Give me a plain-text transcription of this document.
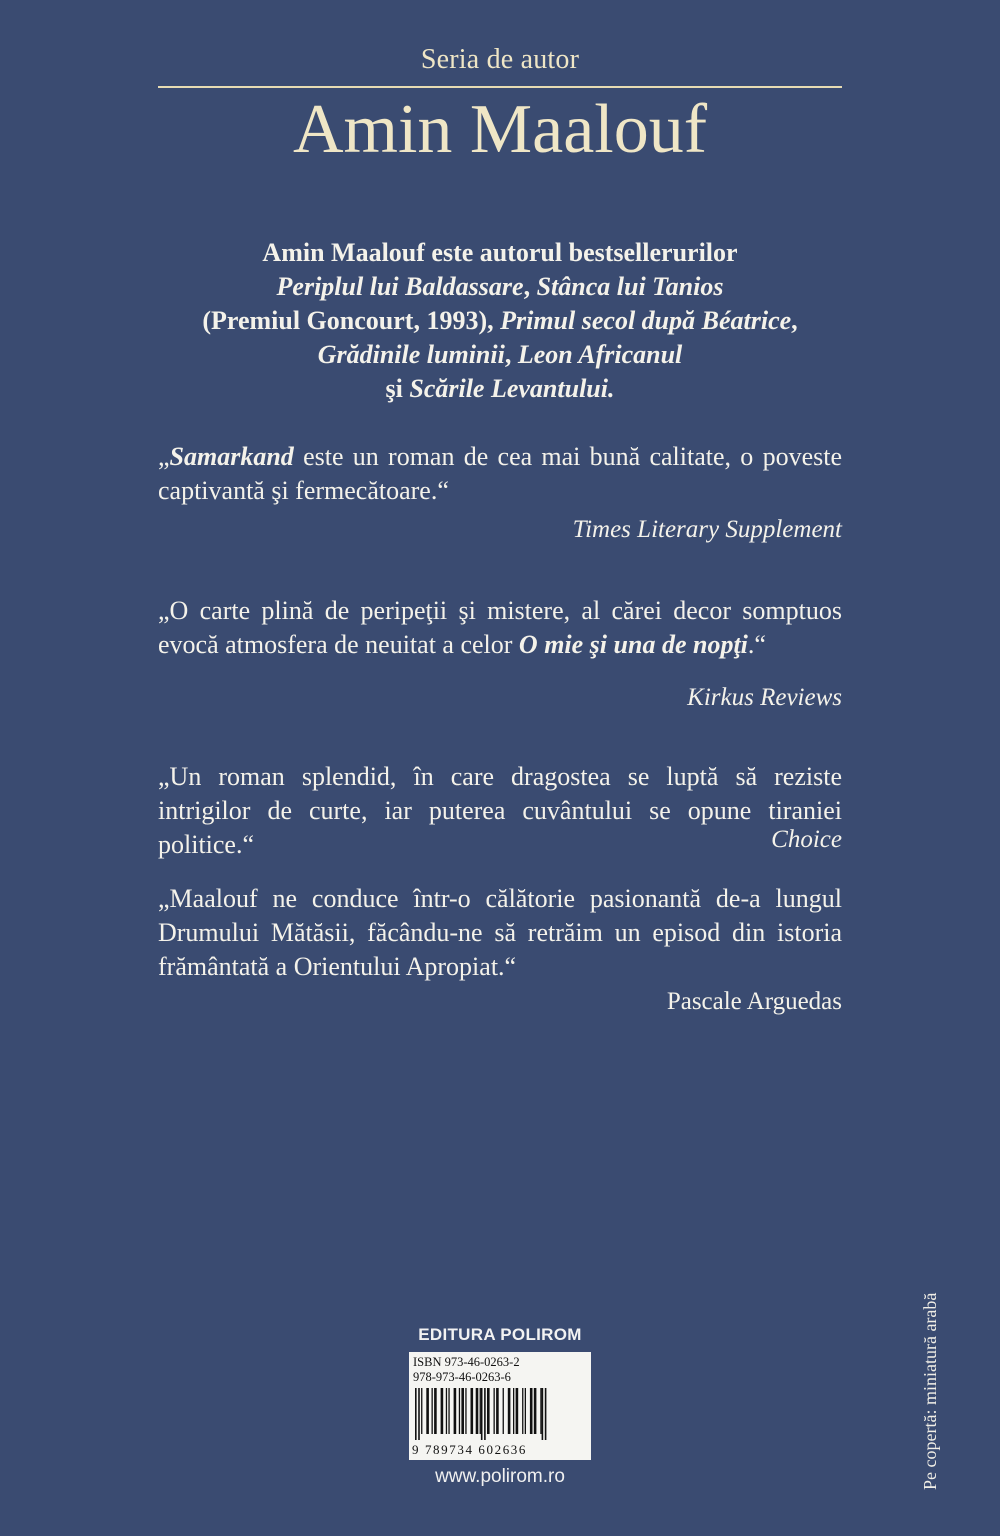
Seria de autor
Amin Maalouf
Amin Maalouf este autorul bestsellerurilor
Periplul lui Baldassare, Stânca lui Tanios
(Premiul Goncourt, 1993), Primul secol după Béatrice, Grădinile luminii, Leon Africanul
şi Scările Levantului.
„Samarkand este un roman de cea mai bună calitate, o poveste captivantă şi fermecătoare.“
Times Literary Supplement
„O carte plină de peripeţii şi mistere, al cărei decor somptuos evocă atmosfera de neuitat a celor O mie şi una de nopţi.“
Kirkus Reviews
„Un roman splendid, în care dragostea se luptă să reziste intrigilor de curte, iar puterea cuvântului se opune tiraniei politice.“	Choice
„Maalouf ne conduce într-o călătorie pasionantă de-a lungul Drumului Mătăsii, făcându-ne să retrăim un episod din istoria frământată a Orientului Apropiat.“
Pascale Arguedas
EDITURA POLIROM
ISBN 973-46-0263-2
978-973-46-0263-6
9 789734 602636
www.polirom.ro	Pe copertă: miniatură arabă
